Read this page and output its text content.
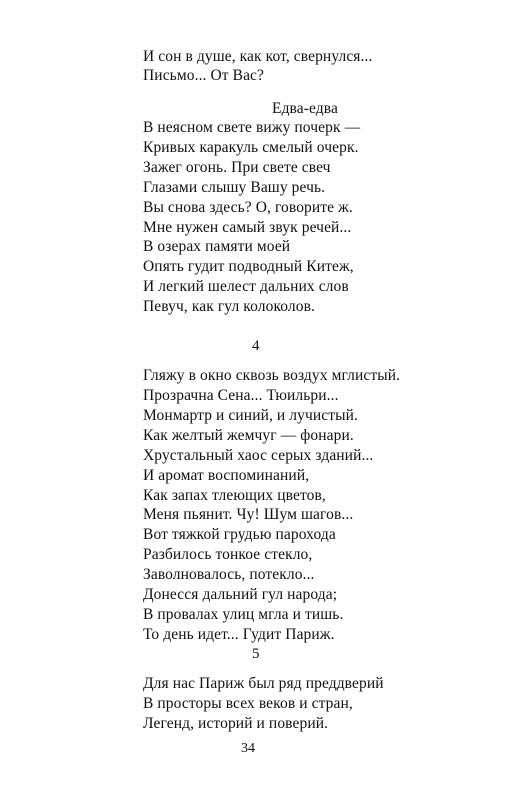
И сон в душе, как кот, свернулся...
Письмо... От Вас?
Едва-едва
В неясном свете вижу почерк —
Кривых каракуль смелый очерк.
Зажег огонь. При свете свеч
Глазами слышу Вашу речь.
Вы снова здесь? О, говорите ж.
Мне нужен самый звук речей...
В озерах памяти моей
Опять гудит подводный Китеж,
И легкий шелест дальних слов
Певуч, как гул колоколов.
4
Гляжу в окно сквозь воздух мглистый.
Прозрачна Сена... Тюильри...
Монмартр и синий, и лучистый.
Как желтый жемчуг — фонари.
Хрустальный хаос серых зданий...
И аромат воспоминаний,
Как запах тлеющих цветов,
Меня пьянит. Чу! Шум шагов...
Вот тяжкой грудью парохода
Разбилось тонкое стекло,
Заволновалось, потекло...
Донесся дальний гул народа;
В провалах улиц мгла и тишь.
То день идет... Гудит Париж.
5
Для нас Париж был ряд преддверий
В просторы всех веков и стран,
Легенд, историй и поверий.
34
